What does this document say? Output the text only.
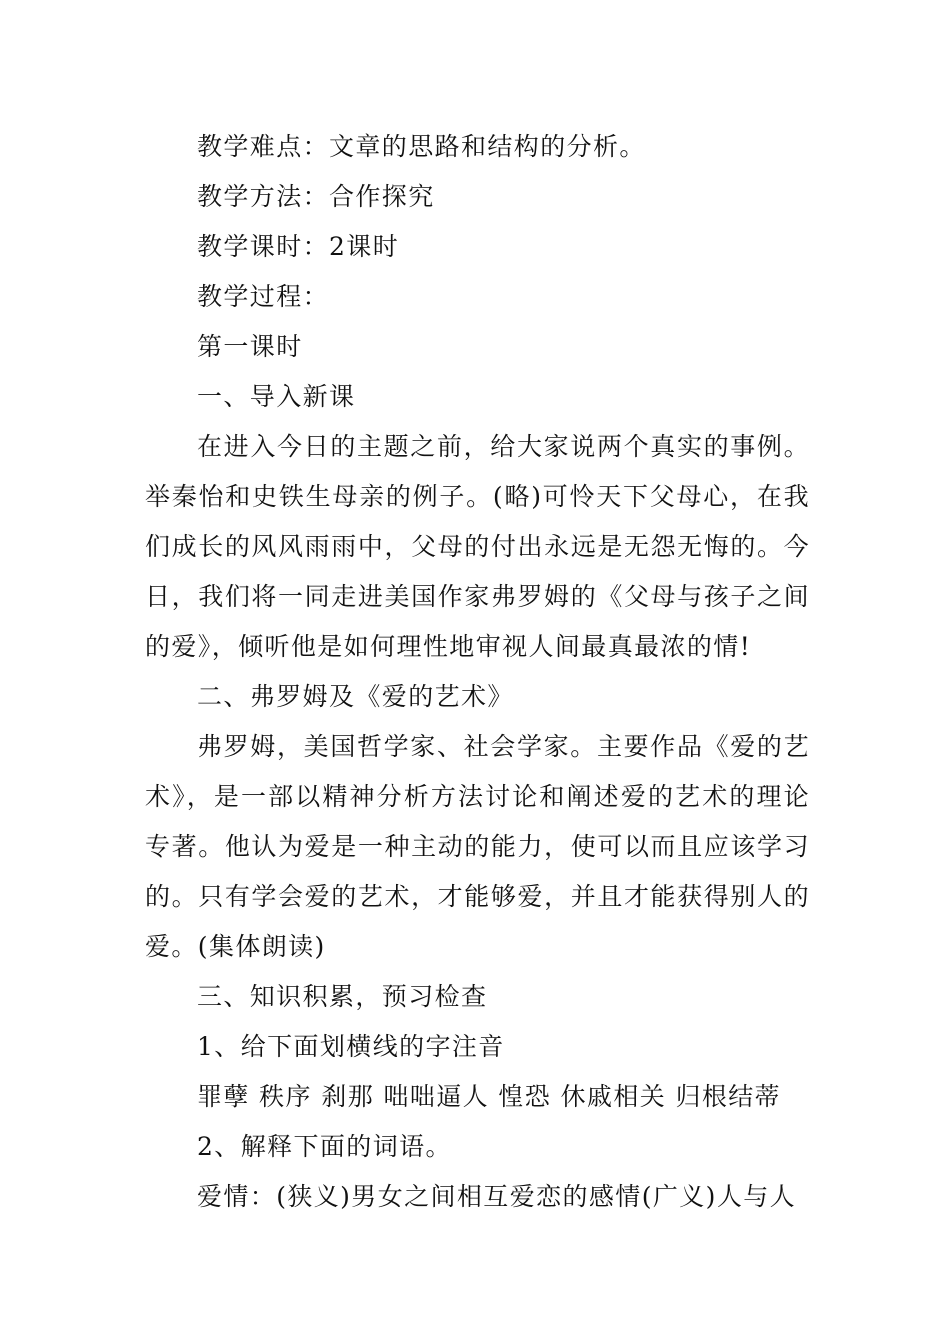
教学难点：文章的思路和结构的分析。

教学方法：合作探究

教学课时：2课时

教学过程：

第一课时

一、导入新课

在进入今日的主题之前，给大家说两个真实的事例。举秦怡和史铁生母亲的例子。(略)可怜天下父母心，在我们成长的风风雨雨中，父母的付出永远是无怨无悔的。今日，我们将一同走进美国作家弗罗姆的《父母与孩子之间的爱》，倾听他是如何理性地审视人间最真最浓的情!

二、弗罗姆及《爱的艺术》

弗罗姆，美国哲学家、社会学家。主要作品《爱的艺术》，是一部以精神分析方法讨论和阐述爱的艺术的理论专著。他认为爱是一种主动的能力，使可以而且应该学习的。只有学会爱的艺术，才能够爱，并且才能获得别人的爱。(集体朗读)

三、知识积累，预习检查

1、给下面划横线的字注音

罪孽 秩序 刹那 咄咄逼人 惶恐 休戚相关 归根结蒂

2、解释下面的词语。

爱情：(狭义)男女之间相互爱恋的感情(广义)人与人
